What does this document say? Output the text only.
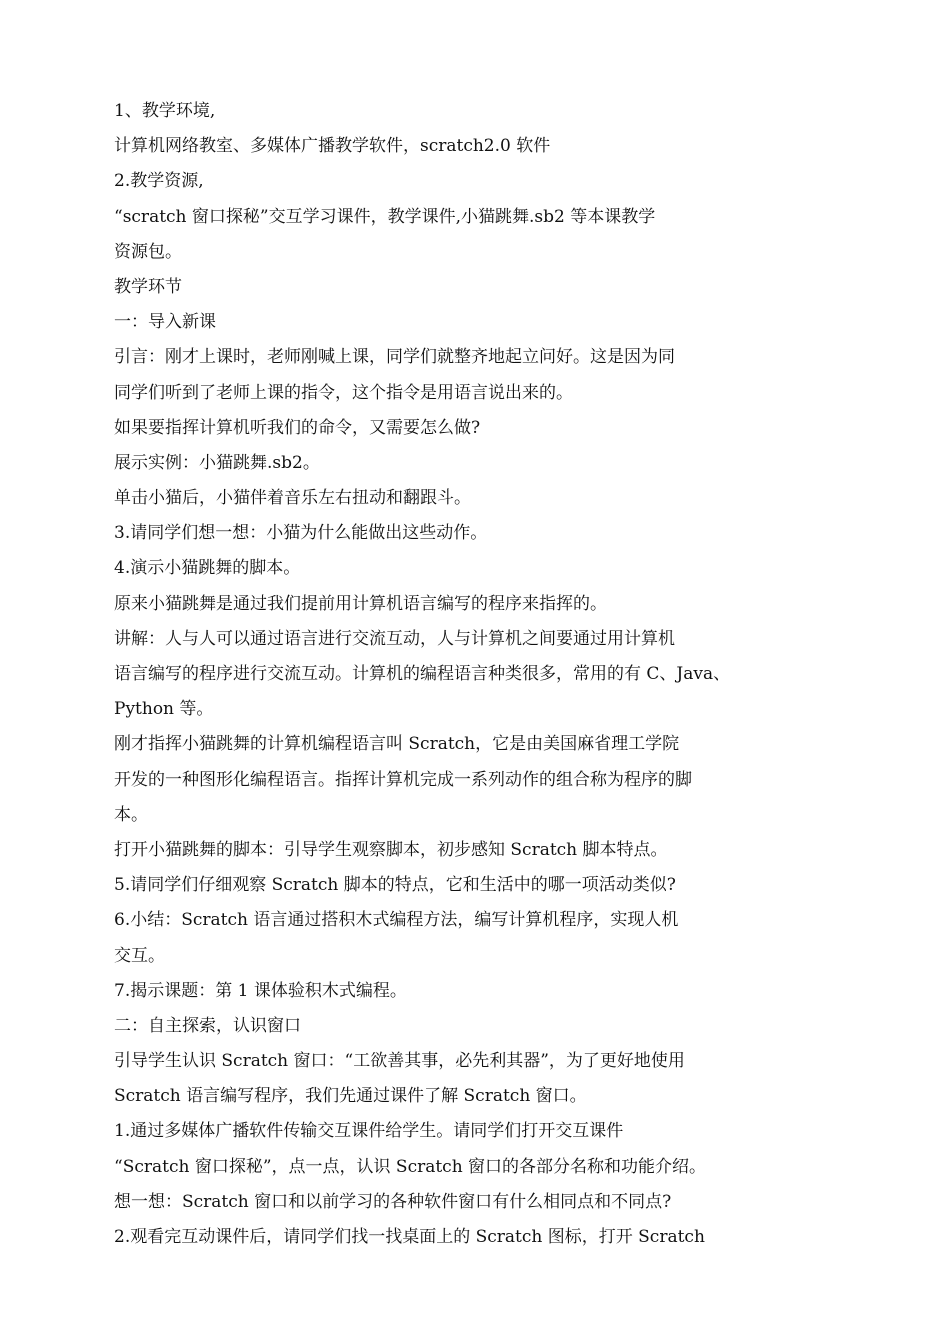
1、教学环境,
计算机网络教室、多媒体广播教学软件，scratch2.0 软件
2.教学资源,
“scratch 窗口探秘”交互学习课件，教学课件,小猫跳舞.sb2 等本课教学
资源包。
教学环节
一：导入新课
引言：刚才上课时，老师刚喊上课，同学们就整齐地起立问好。这是因为同
同学们听到了老师上课的指令，这个指令是用语言说出来的。
如果要指挥计算机听我们的命令，又需要怎么做?
展示实例：小猫跳舞.sb2。
单击小猫后，小猫伴着音乐左右扭动和翻跟斗。
3.请同学们想一想：小猫为什么能做出这些动作。
4.演示小猫跳舞的脚本。
原来小猫跳舞是通过我们提前用计算机语言编写的程序来指挥的。
讲解：人与人可以通过语言进行交流互动，人与计算机之间要通过用计算机
语言编写的程序进行交流互动。计算机的编程语言种类很多，常用的有 C、Java、
Python 等。
刚才指挥小猫跳舞的计算机编程语言叫 Scratch，它是由美国麻省理工学院
开发的一种图形化编程语言。指挥计算机完成一系列动作的组合称为程序的脚
本。
打开小猫跳舞的脚本：引导学生观察脚本，初步感知 Scratch 脚本特点。
5.请同学们仔细观察 Scratch 脚本的特点，它和生活中的哪一项活动类似?
6.小结：Scratch 语言通过搭积木式编程方法，编写计算机程序，实现人机
交互。
7.揭示课题：第 1 课体验积木式编程。
二：自主探索，认识窗口
引导学生认识 Scratch 窗口：“工欲善其事，必先利其器”，为了更好地使用
Scratch 语言编写程序，我们先通过课件了解 Scratch 窗口。
1.通过多媒体广播软件传输交互课件给学生。请同学们打开交互课件
“Scratch 窗口探秘”，点一点，认识 Scratch 窗口的各部分名称和功能介绍。
想一想：Scratch 窗口和以前学习的各种软件窗口有什么相同点和不同点?
2.观看完互动课件后，请同学们找一找桌面上的 Scratch 图标，打开 Scratch
